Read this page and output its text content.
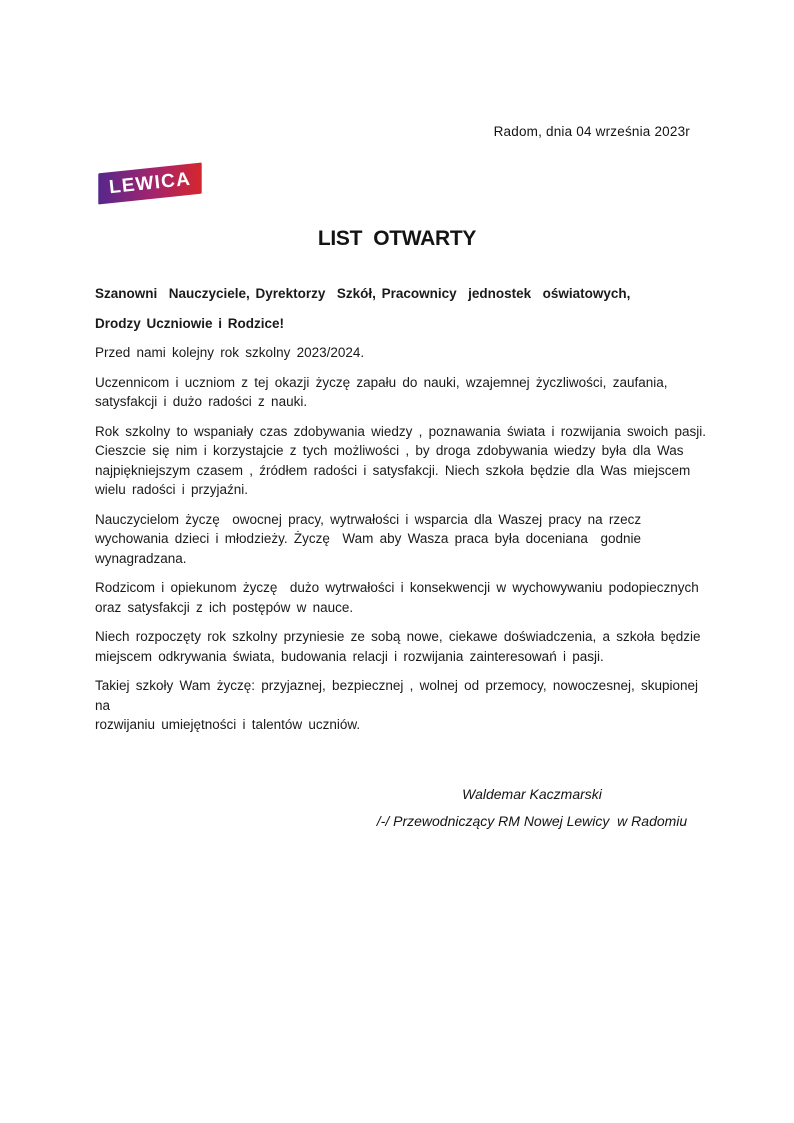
Radom, dnia 04 września 2023r
LEWICA
LIST  OTWARTY
Szanowni  Nauczyciele, Dyrektorzy  Szkół, Pracownicy  jednostek  oświatowych,
Drodzy Uczniowie i Rodzice!
Przed nami kolejny rok szkolny 2023/2024.
Uczennicom i uczniom z tej okazji życzę zapału do nauki, wzajemnej życzliwości, zaufania,
satysfakcji i dużo radości z nauki.
Rok szkolny to wspaniały czas zdobywania wiedzy , poznawania świata i rozwijania swoich pasji.
Cieszcie się nim i korzystajcie z tych możliwości , by droga zdobywania wiedzy była dla Was
najpiękniejszym czasem , źródłem radości i satysfakcji. Niech szkoła będzie dla Was miejscem
wielu radości i przyjaźni.
Nauczycielom życzę  owocnej pracy, wytrwałości i wsparcia dla Waszej pracy na rzecz
wychowania dzieci i młodzieży. Życzę  Wam aby Wasza praca była doceniana  godnie
wynagradzana.
Rodzicom i opiekunom życzę  dużo wytrwałości i konsekwencji w wychowywaniu podopiecznych
oraz satysfakcji z ich postępów w nauce.
Niech rozpoczęty rok szkolny przyniesie ze sobą nowe, ciekawe doświadczenia, a szkoła będzie
miejscem odkrywania świata, budowania relacji i rozwijania zainteresowań i pasji.
Takiej szkoły Wam życzę: przyjaznej, bezpiecznej , wolnej od przemocy, nowoczesnej, skupionej na
rozwijaniu umiejętności i talentów uczniów.
Waldemar Kaczmarski
/-/ Przewodniczący RM Nowej Lewicy  w Radomiu
